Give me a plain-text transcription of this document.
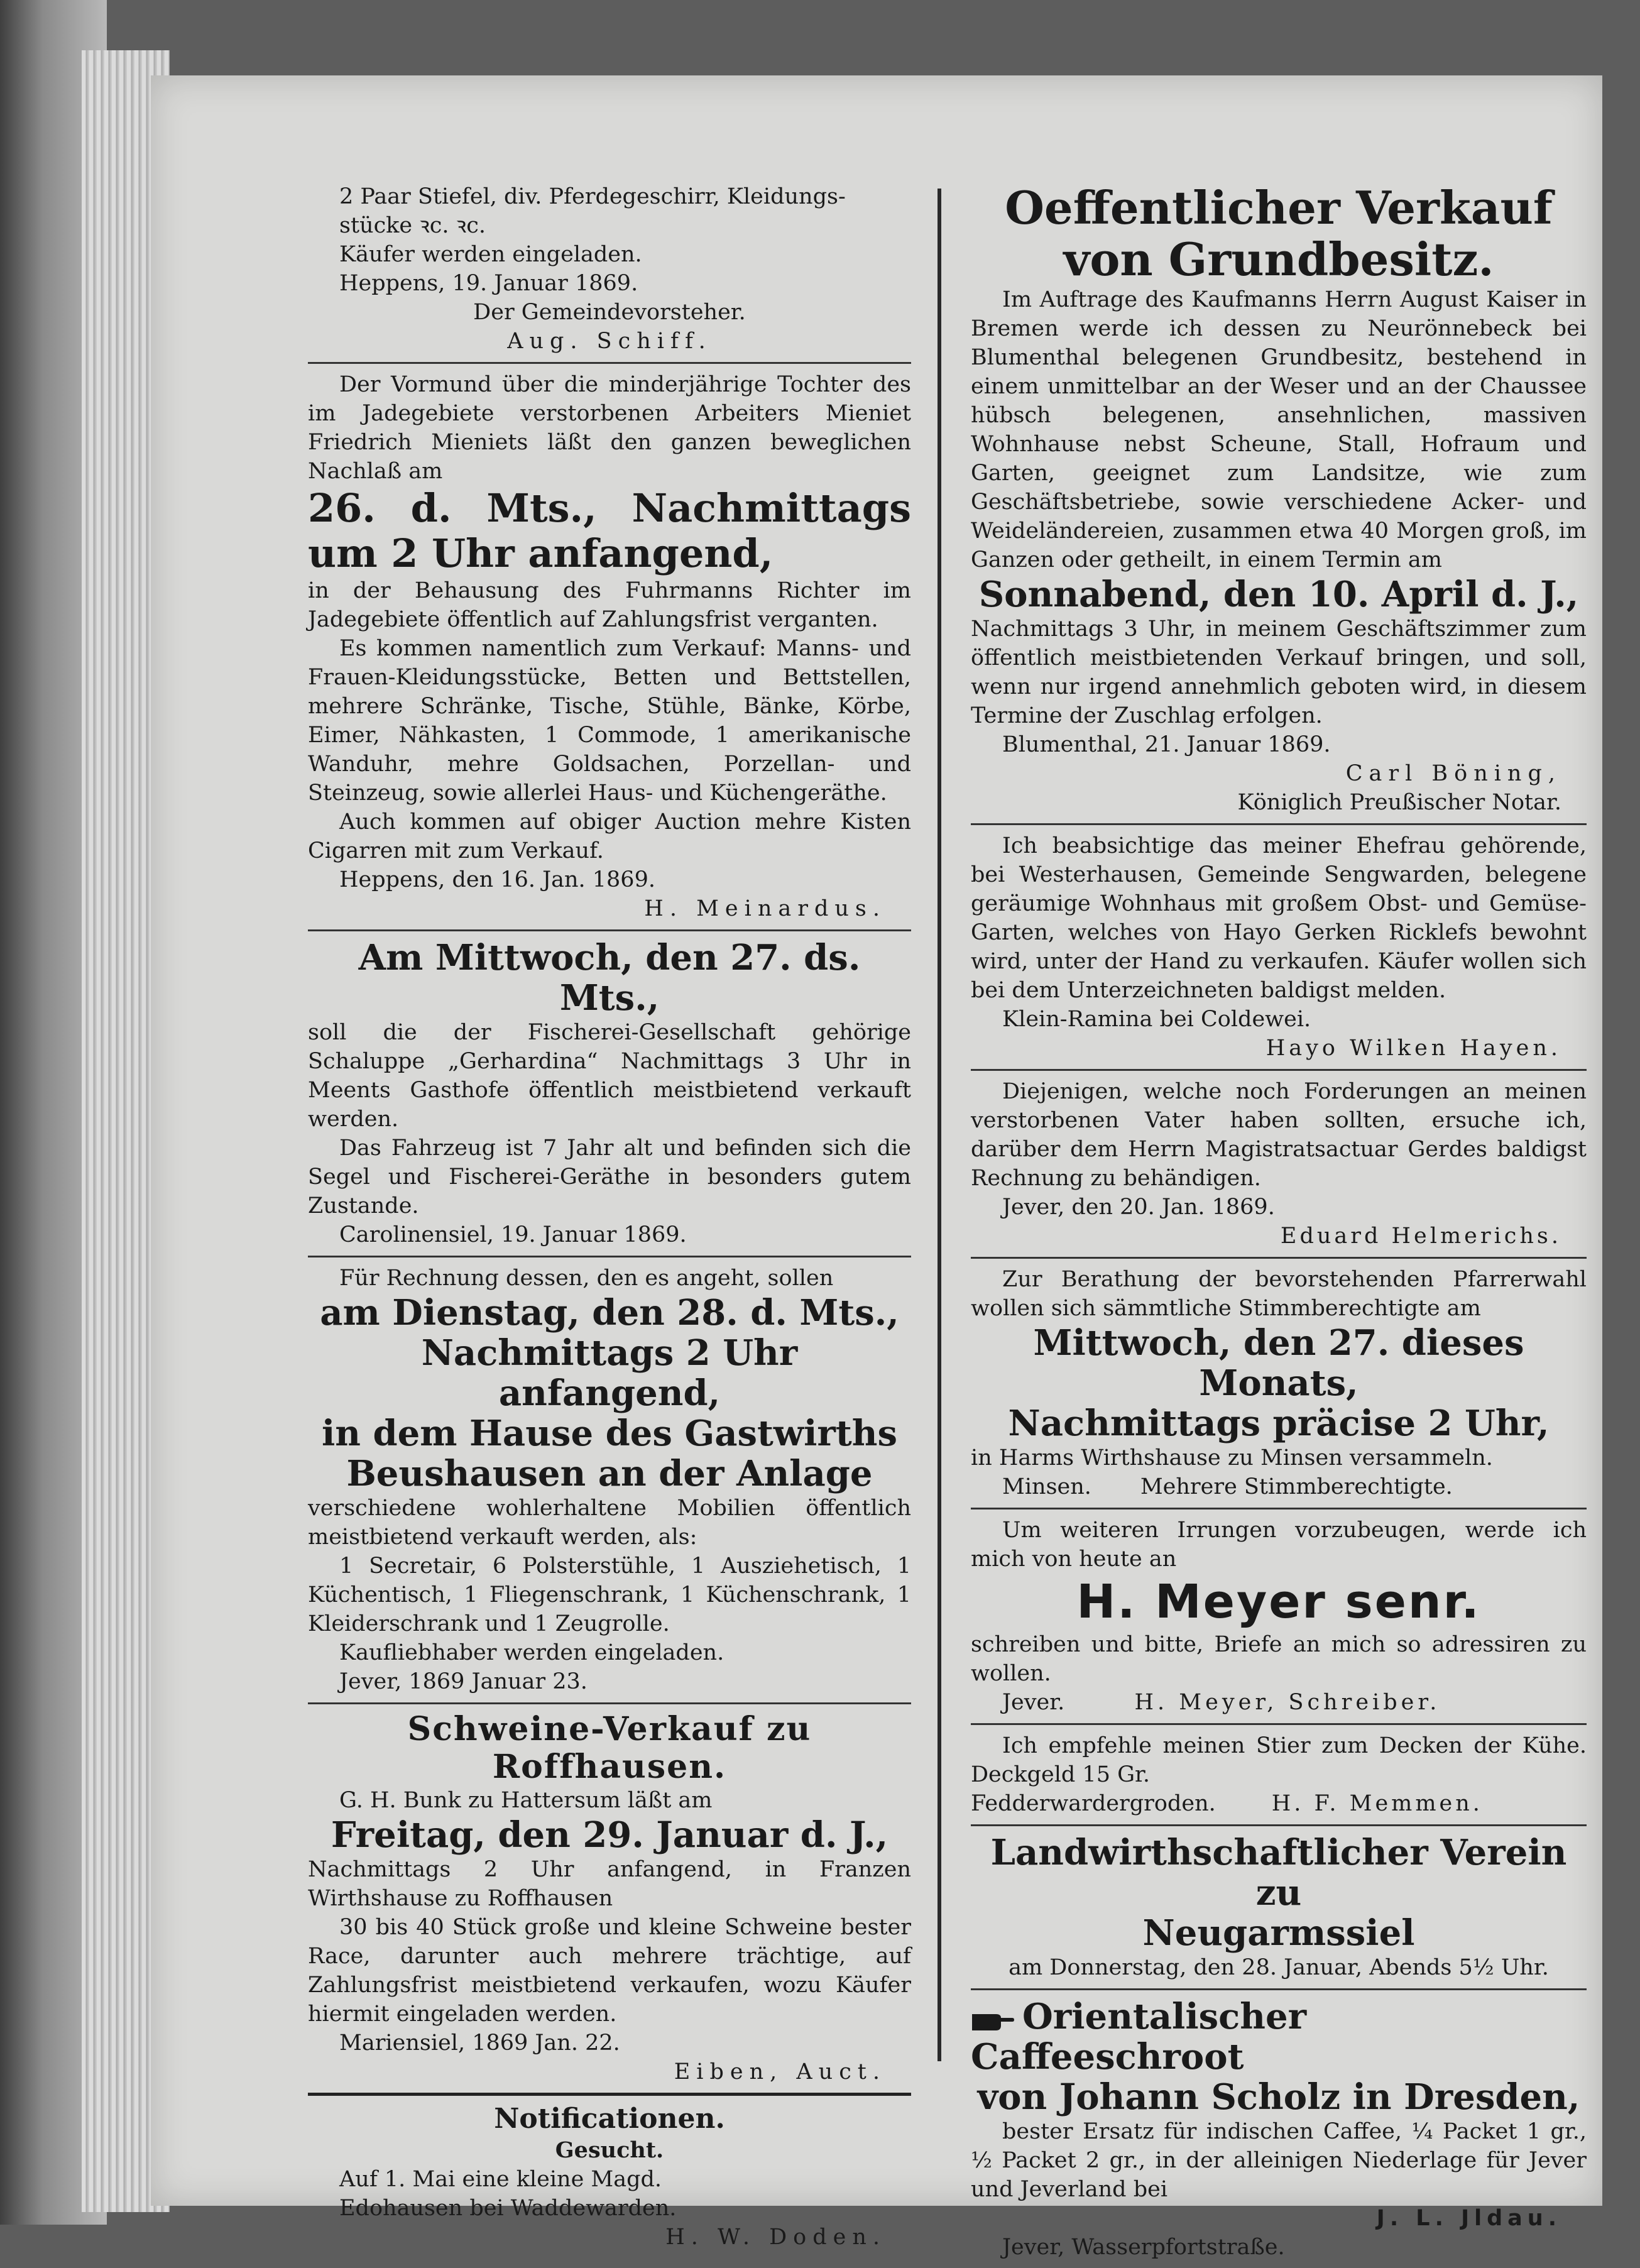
2 Paar Stiefel, div. Pferdegeschirr, Kleidungs-

stücke ꝛc. ꝛc.

Käufer werden eingeladen.

Heppens, 19. Januar 1869.

Der Gemeindevorsteher.

Aug. Schiff.

Der Vormund über die minderjährige Tochter des im Jadegebiete verstorbenen Arbeiters Mieniet Friedrich Mieniets läßt den ganzen beweglichen Nachlaß am

26. d. Mts., Nachmittags um 2 Uhr anfangend,

in der Behausung des Fuhrmanns Richter im Jadegebiete öffentlich auf Zahlungsfrist verganten.

Es kommen namentlich zum Verkauf: Manns- und Frauen-Kleidungsstücke, Betten und Bettstellen, mehrere Schränke, Tische, Stühle, Bänke, Körbe, Eimer, Nähkasten, 1 Commode, 1 amerikanische Wanduhr, mehre Goldsachen, Porzellan- und Steinzeug, sowie allerlei Haus- und Küchengeräthe.

Auch kommen auf obiger Auction mehre Kisten Cigarren mit zum Verkauf.

Heppens, den 16. Jan. 1869.

H. Meinardus.

Am Mittwoch, den 27. ds. Mts.,

soll die der Fischerei-Gesellschaft gehörige Schaluppe „Gerhardina“ Nachmittags 3 Uhr in Meents Gasthofe öffentlich meistbietend verkauft werden.

Das Fahrzeug ist 7 Jahr alt und befinden sich die Segel und Fischerei-Geräthe in besonders gutem Zustande.

Carolinensiel, 19. Januar 1869.

Für Rechnung dessen, den es angeht, sollen

am Dienstag, den 28. d. Mts.,

Nachmittags 2 Uhr anfangend,

in dem Hause des Gastwirths

Beushausen an der Anlage

verschiedene wohlerhaltene Mobilien öffentlich meistbietend verkauft werden, als:

1 Secretair, 6 Polsterstühle, 1 Ausziehetisch, 1 Küchentisch, 1 Fliegenschrank, 1 Küchenschrank, 1 Kleiderschrank und 1 Zeugrolle.

Kaufliebhaber werden eingeladen.

Jever, 1869 Januar 23.

Schweine-Verkauf zu Roffhausen.

G. H. Bunk zu Hattersum läßt am

Freitag, den 29. Januar d. J.,

Nachmittags 2 Uhr anfangend, in Franzen Wirthshause zu Roffhausen

30 bis 40 Stück große und kleine Schweine bester Race, darunter auch mehrere trächtige, auf Zahlungsfrist meistbietend verkaufen, wozu Käufer hiermit eingeladen werden.

Mariensiel, 1869 Jan. 22.

Eiben, Auct.

Notificationen.

Gesucht.

Auf 1. Mai eine kleine Magd.

Edohausen bei Waddewarden.

H. W. Doden.

Oeffentlicher Verkauf

von Grundbesitz.

Im Auftrage des Kaufmanns Herrn August Kaiser in Bremen werde ich dessen zu Neurönnebeck bei Blumenthal belegenen Grundbesitz, bestehend in einem unmittelbar an der Weser und an der Chaussee hübsch belegenen, ansehnlichen, massiven Wohnhause nebst Scheune, Stall, Hofraum und Garten, geeignet zum Landsitze, wie zum Geschäftsbetriebe, sowie verschiedene Acker- und Weideländereien, zusammen etwa 40 Morgen groß, im Ganzen oder getheilt, in einem Termin am

Sonnabend, den 10. April d. J.,

Nachmittags 3 Uhr, in meinem Geschäftszimmer zum öffentlich meistbietenden Verkauf bringen, und soll, wenn nur irgend annehmlich geboten wird, in diesem Termine der Zuschlag erfolgen.

Blumenthal, 21. Januar 1869.

Carl Böning,

Königlich Preußischer Notar.

Ich beabsichtige das meiner Ehefrau gehörende, bei Westerhausen, Gemeinde Sengwarden, belegene geräumige Wohnhaus mit großem Obst- und Gemüse-Garten, welches von Hayo Gerken Ricklefs bewohnt wird, unter der Hand zu verkaufen. Käufer wollen sich bei dem Unterzeichneten baldigst melden.

Klein-Ramina bei Coldewei.

Hayo Wilken Hayen.

Diejenigen, welche noch Forderungen an meinen verstorbenen Vater haben sollten, ersuche ich, darüber dem Herrn Magistratsactuar Gerdes baldigst Rechnung zu behändigen.

Jever, den 20. Jan. 1869.

Eduard Helmerichs.

Zur Berathung der bevorstehenden Pfarrerwahl wollen sich sämmtliche Stimmberechtigte am

Mittwoch, den 27. dieses Monats,

Nachmittags präcise 2 Uhr,

in Harms Wirthshause zu Minsen versammeln.

Minsen. Mehrere Stimmberechtigte.

Um weiteren Irrungen vorzubeugen, werde ich mich von heute an

H. Meyer senr.

schreiben und bitte, Briefe an mich so adressiren zu wollen.

Jever.	H. Meyer, Schreiber.

Ich empfehle meinen Stier zum Decken der Kühe. Deckgeld 15 Gr.

Fedderwardergroden.	H. F. Memmen.

Landwirthschaftlicher Verein zu

Neugarmssiel

am Donnerstag, den 28. Januar, Abends 5½ Uhr.

Orientalischer Caffeeschroot

von Johann Scholz in Dresden,

bester Ersatz für indischen Caffee, ¼ Packet 1 gr., ½ Packet 2 gr., in der alleinigen Niederlage für Jever und Jeverland bei

J. L. Jldau.

Jever, Wasserpfortstraße.
